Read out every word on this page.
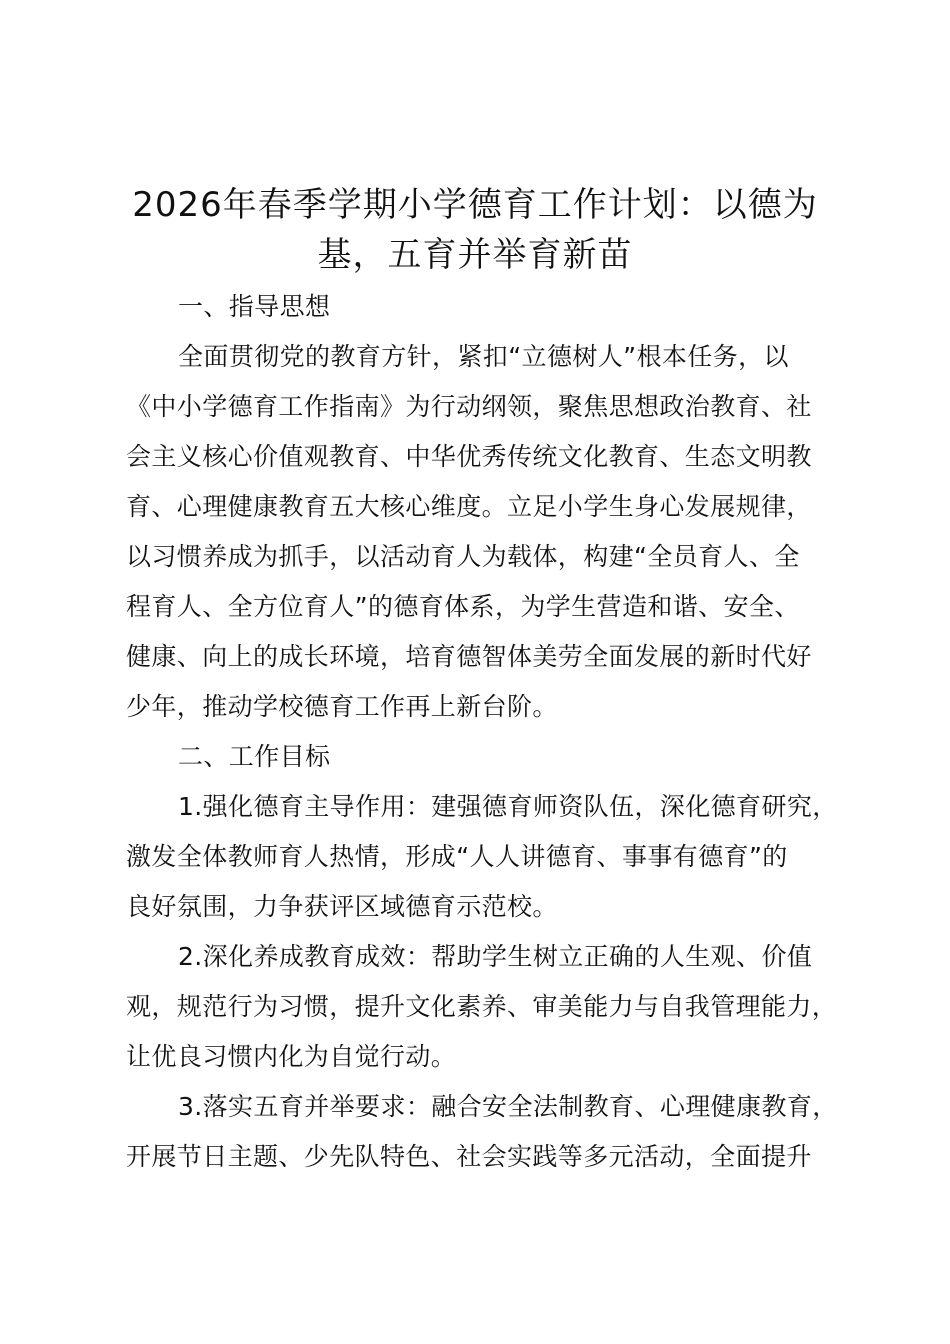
2026年春季学期小学德育工作计划：以德为
基，五育并举育新苗
一、指导思想
全面贯彻党的教育方针，紧扣“立德树人”根本任务，以
《中小学德育工作指南》为行动纲领，聚焦思想政治教育、社
会主义核心价值观教育、中华优秀传统文化教育、生态文明教
育、心理健康教育五大核心维度。立足小学生身心发展规律，
以习惯养成为抓手，以活动育人为载体，构建“全员育人、全
程育人、全方位育人”的德育体系，为学生营造和谐、安全、
健康、向上的成长环境，培育德智体美劳全面发展的新时代好
少年，推动学校德育工作再上新台阶。
二、工作目标
1.强化德育主导作用：建强德育师资队伍，深化德育研究，
激发全体教师育人热情，形成“人人讲德育、事事有德育”的
良好氛围，力争获评区域德育示范校。
2.深化养成教育成效：帮助学生树立正确的人生观、价值
观，规范行为习惯，提升文化素养、审美能力与自我管理能力，
让优良习惯内化为自觉行动。
3.落实五育并举要求：融合安全法制教育、心理健康教育，
开展节日主题、少先队特色、社会实践等多元活动，全面提升
